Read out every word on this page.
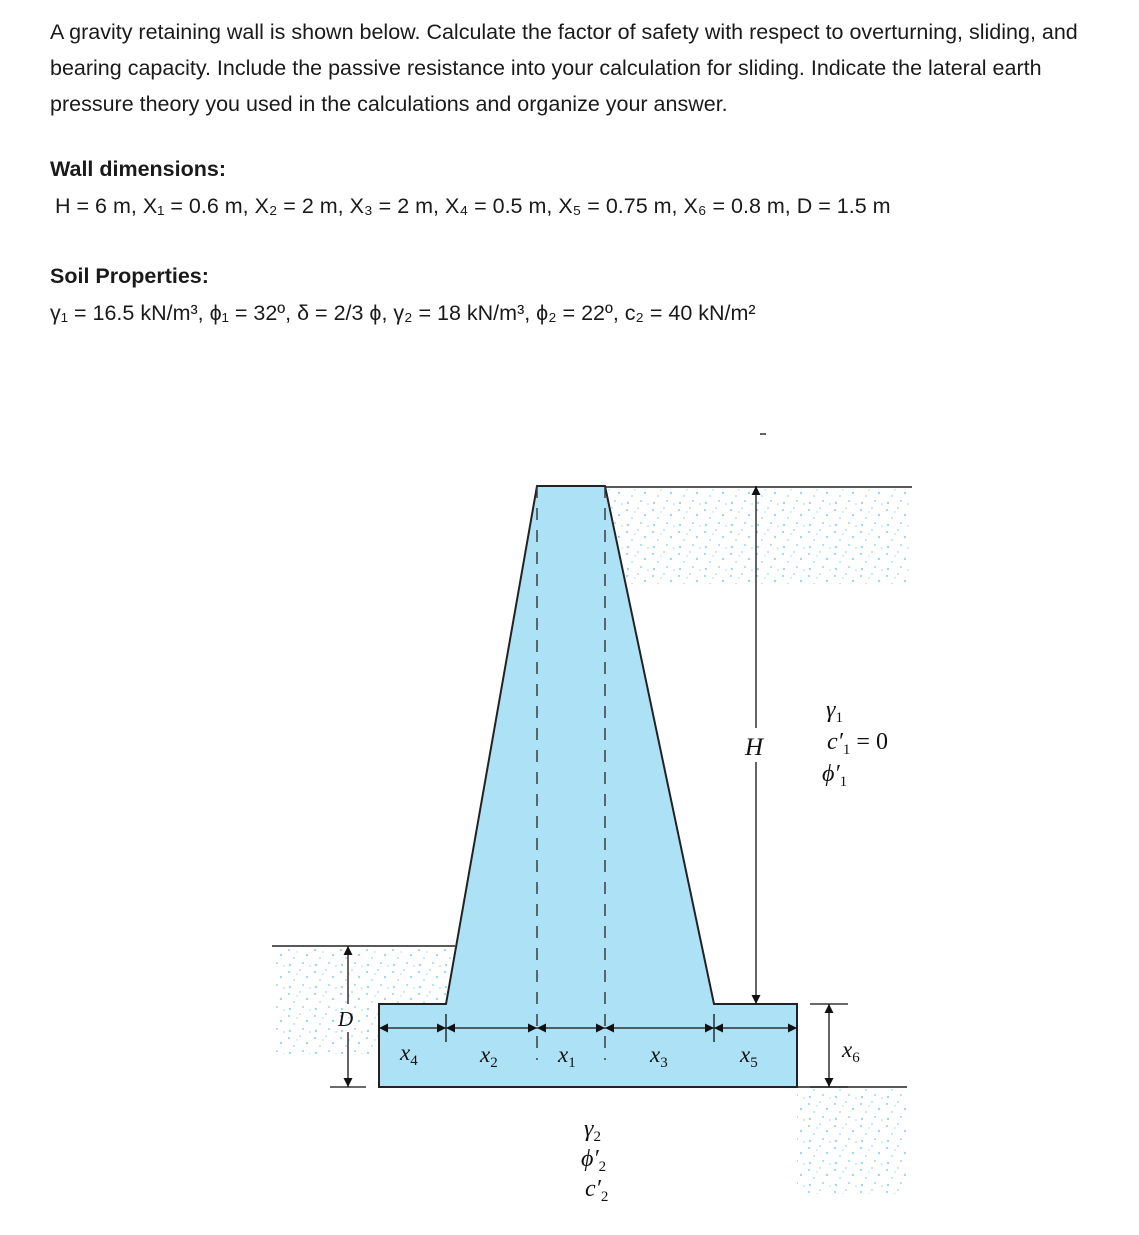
A gravity retaining wall is shown below. Calculate the factor of safety with respect to overturning, sliding, and bearing capacity. Include the passive resistance into your calculation for sliding. Indicate the lateral earth pressure theory you used in the calculations and organize your answer.
Wall dimensions:
H = 6 m, X₁ = 0.6 m, X₂ = 2 m, X₃ = 2 m, X₄ = 0.5 m, X₅ = 0.75 m, X₆ = 0.8 m, D = 1.5 m
Soil Properties:
γ₁ = 16.5 kN/m³, ϕ₁ = 32º, δ = 2/3 ϕ, γ₂ = 18 kN/m³, ϕ₂ = 22º, c₂ = 40 kN/m²
H
D
$x_4$	$x_2$	$x_1$	$x_3$	$x_5$
$x_6$
$\gamma_1$
$c'_1 = 0$
$\phi'_1$
$\gamma_2$
$\phi'_2$
$c'_2$
